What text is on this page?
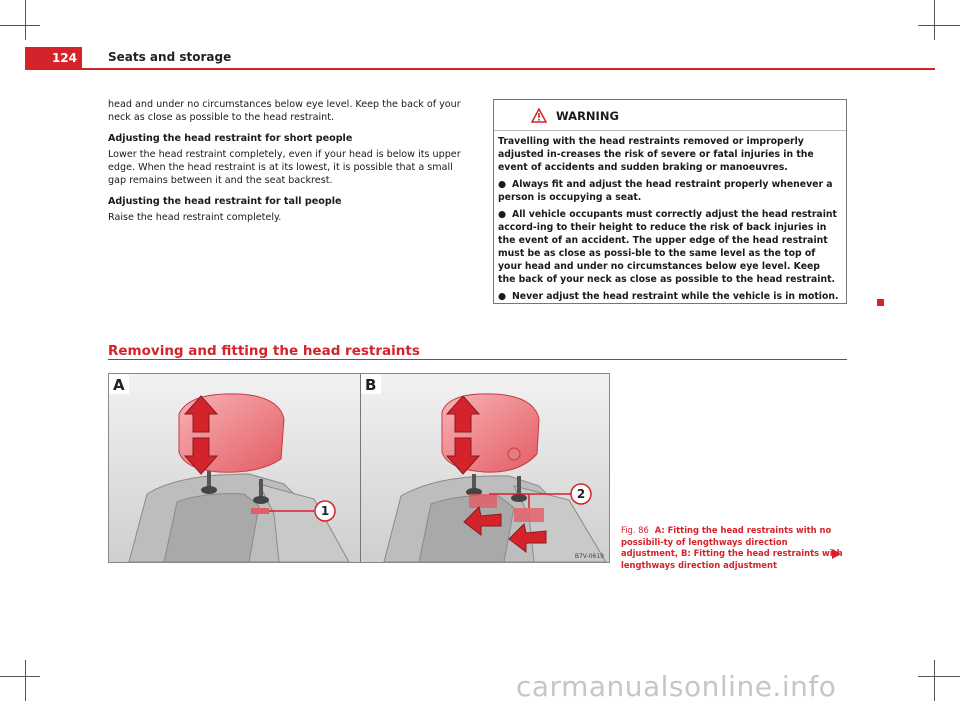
124	Seats and storage

head and under no circumstances below eye level. Keep the back of your neck as close as possible to the head restraint.

Adjusting the head restraint for short people

Lower the head restraint completely, even if your head is below its upper edge. When the head restraint is at its lowest, it is possible that a small gap remains between it and the seat backrest.

Adjusting the head restraint for tall people

Raise the head restraint completely.

WARNING

Travelling with the head restraints removed or improperly adjusted in-creases the risk of severe or fatal injuries in the event of accidents and sudden braking or manoeuvres.

● Always fit and adjust the head restraint properly whenever a person is occupying a seat.

● All vehicle occupants must correctly adjust the head restraint accord-ing to their height to reduce the risk of back injuries in the event of an accident. The upper edge of the head restraint must be as close as possi-ble to the same level as the top of your head and under no circumstances below eye level. Keep the back of your neck as close as possible to the head restraint.

● Never adjust the head restraint while the vehicle is in motion.

Removing and fitting the head restraints
1
A
2
B
B7V-0619
Fig. 86 A: Fitting the head restraints with no possibili-ty of lengthways direction adjustment, B: Fitting the head restraints with lengthways direction adjustment
carmanualsonline.info
